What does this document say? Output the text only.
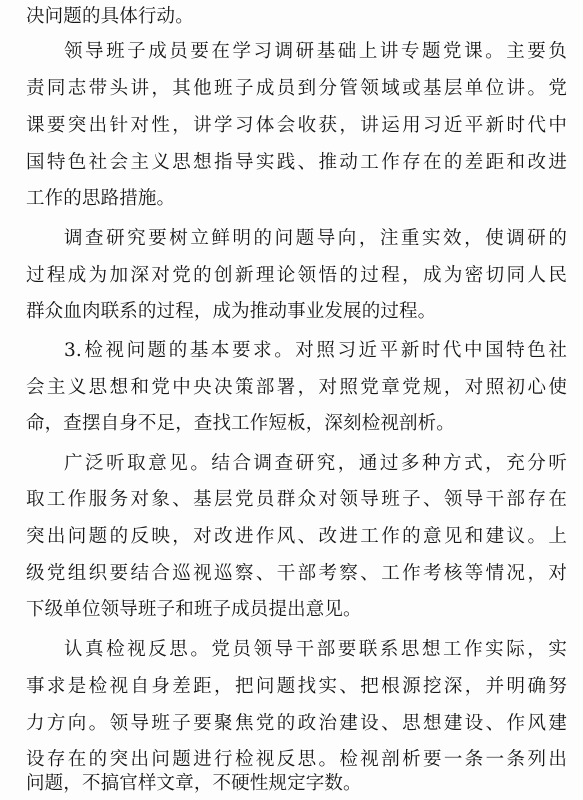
决问题的具体行动。
领导班子成员要在学习调研基础上讲专题党课。主要负
责同志带头讲，其他班子成员到分管领域或基层单位讲。党
课要突出针对性，讲学习体会收获，讲运用习近平新时代中
国特色社会主义思想指导实践、推动工作存在的差距和改进
工作的思路措施。
调查研究要树立鲜明的问题导向，注重实效，使调研的
过程成为加深对党的创新理论领悟的过程，成为密切同人民
群众血肉联系的过程，成为推动事业发展的过程。
3.检视问题的基本要求。对照习近平新时代中国特色社
会主义思想和党中央决策部署，对照党章党规，对照初心使
命，查摆自身不足，查找工作短板，深刻检视剖析。
广泛听取意见。结合调查研究，通过多种方式，充分听
取工作服务对象、基层党员群众对领导班子、领导干部存在
突出问题的反映，对改进作风、改进工作的意见和建议。上
级党组织要结合巡视巡察、干部考察、工作考核等情况，对
下级单位领导班子和班子成员提出意见。
认真检视反思。党员领导干部要联系思想工作实际，实
事求是检视自身差距，把问题找实、把根源挖深，并明确努
力方向。领导班子要聚焦党的政治建设、思想建设、作风建
设存在的突出问题进行检视反思。检视剖析要一条一条列出
问题，不搞官样文章，不硬性规定字数。
